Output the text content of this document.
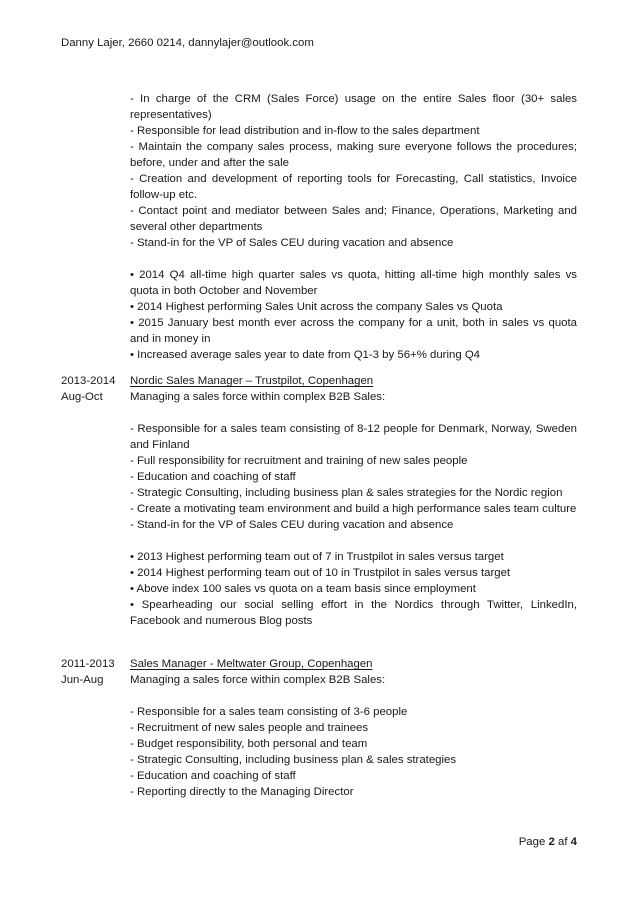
Danny Lajer, 2660 0214, dannylajer@outlook.com
- In charge of the CRM (Sales Force) usage on the entire Sales floor (30+ sales representatives)
- Responsible for lead distribution and in-flow to the sales department
- Maintain the company sales process, making sure everyone follows the procedures; before, under and after the sale
- Creation and development of reporting tools for Forecasting, Call statistics, Invoice follow-up etc.
- Contact point and mediator between Sales and; Finance, Operations, Marketing and several other departments
- Stand-in for the VP of Sales CEU during vacation and absence
• 2014 Q4 all-time high quarter sales vs quota, hitting all-time high monthly sales vs quota in both October and November
• 2014 Highest performing Sales Unit across the company Sales vs Quota
• 2015 January best month ever across the company for a unit, both in sales vs quota and in money in
• Increased average sales year to date from Q1-3 by 56+% during Q4
2013-2014	Nordic Sales Manager – Trustpilot, Copenhagen
Aug-Oct	Managing a sales force within complex B2B Sales:
- Responsible for a sales team consisting of 8-12 people for Denmark, Norway, Sweden and Finland
- Full responsibility for recruitment and training of new sales people
- Education and coaching of staff
- Strategic Consulting, including business plan & sales strategies for the Nordic region
- Create a motivating team environment and build a high performance sales team culture
- Stand-in for the VP of Sales CEU during vacation and absence
• 2013 Highest performing team out of 7 in Trustpilot in sales versus target
• 2014 Highest performing team out of 10 in Trustpilot in sales versus target
• Above index 100 sales vs quota on a team basis since employment
• Spearheading our social selling effort in the Nordics through Twitter, LinkedIn, Facebook and numerous Blog posts
2011-2013	Sales Manager - Meltwater Group, Copenhagen
Jun-Aug	Managing a sales force within complex B2B Sales:
- Responsible for a sales team consisting of 3-6 people
- Recruitment of new sales people and trainees
- Budget responsibility, both personal and team
- Strategic Consulting, including business plan & sales strategies
- Education and coaching of staff
- Reporting directly to the Managing Director
Page 2 af 4
